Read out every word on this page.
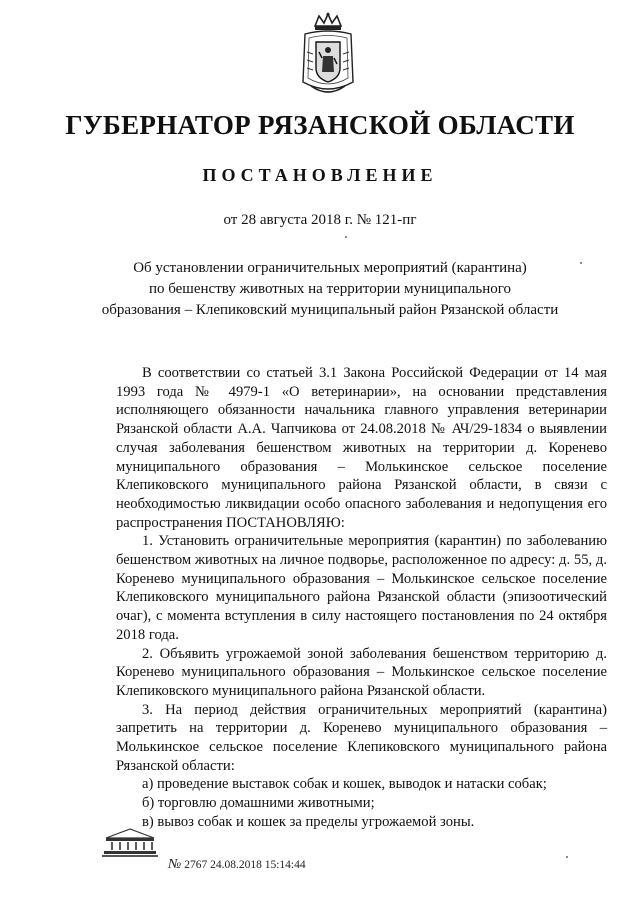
ГУБЕРНАТОР РЯЗАНСКОЙ ОБЛАСТИ
ПОСТАНОВЛЕНИЕ
от 28 августа 2018 г. № 121-пг
Об установлении ограничительных мероприятий (карантина)
по бешенству животных на территории муниципального
образования – Клепиковский муниципальный район Рязанской области

В соответствии со статьей 3.1 Закона Российской Федерации от 14 мая 1993 года № 4979-1 «О ветеринарии», на основании представления исполняющего обязанности начальника главного управления ветеринарии Рязанской области А.А. Чапчикова от 24.08.2018 № АЧ/29-1834 о выявлении случая заболевания бешенством животных на территории д. Коренево муниципального образования – Молькинское сельское поселение Клепиковского муниципального района Рязанской области, в связи с необходимостью ликвидации особо опасного заболевания и недопущения его распространения ПОСТАНОВЛЯЮ:

1. Установить ограничительные мероприятия (карантин) по заболеванию бешенством животных на личное подворье, расположенное по адресу: д. 55, д. Коренево муниципального образования – Молькинское сельское поселение Клепиковского муниципального района Рязанской области (эпизоотический очаг), с момента вступления в силу настоящего постановления по 24 октября 2018 года.

2. Объявить угрожаемой зоной заболевания бешенством территорию д. Коренево муниципального образования – Молькинское сельское поселение Клепиковского муниципального района Рязанской области.

3. На период действия ограничительных мероприятий (карантина) запретить на территории д. Коренево муниципального образования – Молькинское сельское поселение Клепиковского муниципального района Рязанской области:

а) проведение выставок собак и кошек, выводок и натаски собак;
б) торговлю домашними животными;
в) вывоз собак и кошек за пределы угрожаемой зоны.
№ 2767 24.08.2018 15:14:44
